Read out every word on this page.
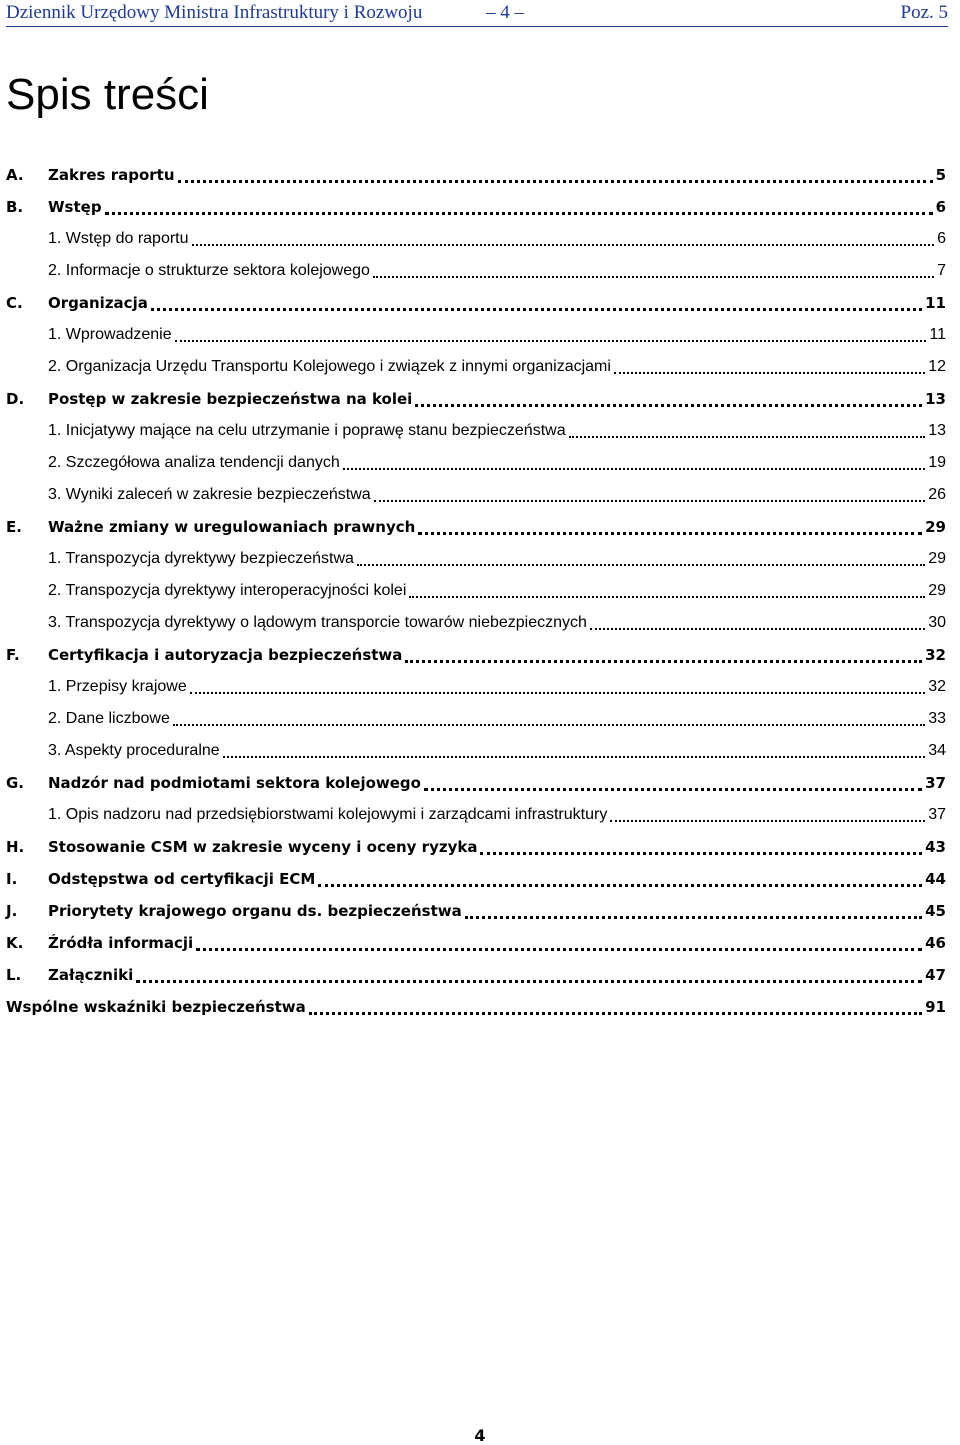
Dziennik Urzędowy Ministra Infrastruktury i Rozwoju	– 4 –	Poz. 5
Spis treści
A.	Zakres raportu	5
B.	Wstęp	6
1. Wstęp do raportu	6
2. Informacje o strukturze sektora kolejowego	7
C.	Organizacja	11
1. Wprowadzenie	11
2. Organizacja Urzędu Transportu Kolejowego i związek z innymi organizacjami	12
D.	Postęp w zakresie bezpieczeństwa na kolei	13
1. Inicjatywy mające na celu utrzymanie i poprawę stanu bezpieczeństwa	13
2. Szczegółowa analiza tendencji danych	19
3. Wyniki zaleceń w zakresie bezpieczeństwa	26
E.	Ważne zmiany w uregulowaniach prawnych	29
1. Transpozycja dyrektywy bezpieczeństwa	29
2. Transpozycja dyrektywy interoperacyjności kolei	29
3. Transpozycja dyrektywy o lądowym transporcie towarów niebezpiecznych	30
F.	Certyfikacja i autoryzacja bezpieczeństwa	32
1. Przepisy krajowe	32
2. Dane liczbowe	33
3. Aspekty proceduralne	34
G.	Nadzór nad podmiotami sektora kolejowego	37
1. Opis nadzoru nad przedsiębiorstwami kolejowymi i zarządcami infrastruktury	37
H.	Stosowanie CSM w zakresie wyceny i oceny ryzyka	43
I.	Odstępstwa od certyfikacji ECM	44
J.	Priorytety krajowego organu ds. bezpieczeństwa	45
K.	Źródła informacji	46
L.	Załączniki	47
Wspólne wskaźniki bezpieczeństwa	91
4
